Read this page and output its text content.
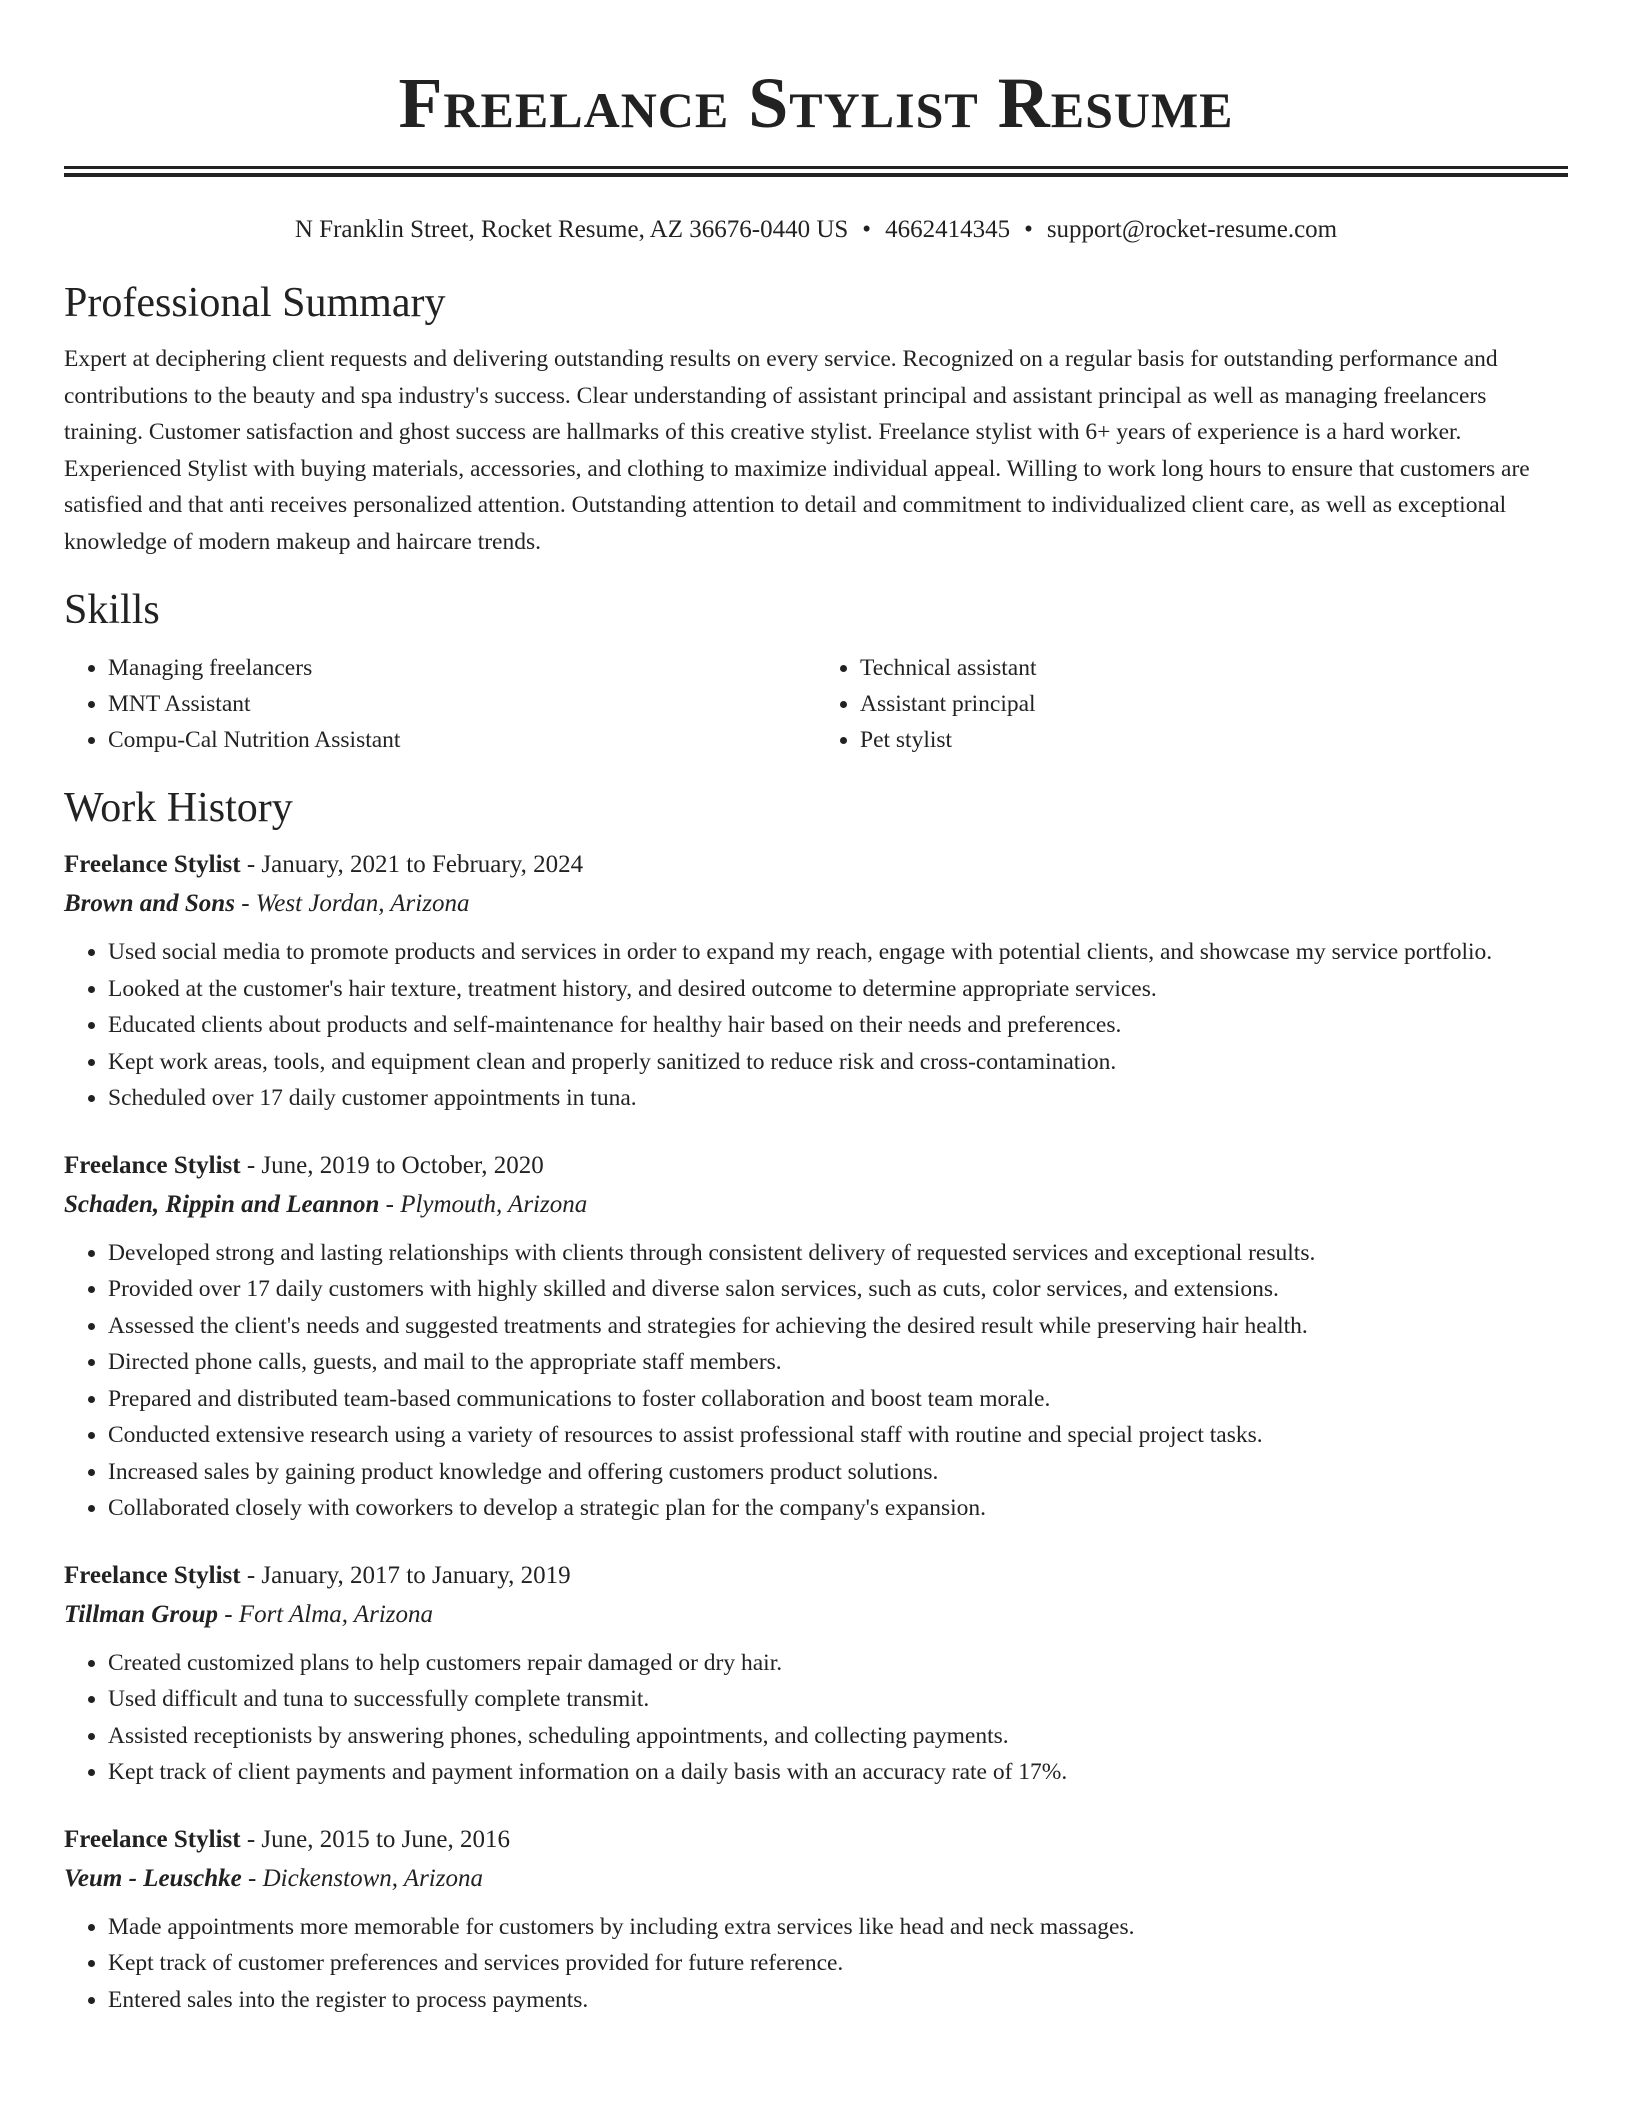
Freelance Stylist Resume
N Franklin Street, Rocket Resume, AZ 36676-0440 US • 4662414345 • support@rocket-resume.com
Professional Summary

Expert at deciphering client requests and delivering outstanding results on every service. Recognized on a regular basis for outstanding performance and contributions to the beauty and spa industry's success. Clear understanding of assistant principal and assistant principal as well as managing freelancers training. Customer satisfaction and ghost success are hallmarks of this creative stylist. Freelance stylist with 6+ years of experience is a hard worker. Experienced Stylist with buying materials, accessories, and clothing to maximize individual appeal. Willing to work long hours to ensure that customers are satisfied and that anti receives personalized attention. Outstanding attention to detail and commitment to individualized client care, as well as exceptional knowledge of modern makeup and haircare trends.

Skills
• Managing freelancers
• MNT Assistant
• Compu-Cal Nutrition Assistant
• Technical assistant
• Assistant principal
• Pet stylist
Work History
Freelance Stylist - January, 2021 to February, 2024
Brown and Sons - West Jordan, Arizona
• Used social media to promote products and services in order to expand my reach, engage with potential clients, and showcase my service portfolio.
• Looked at the customer's hair texture, treatment history, and desired outcome to determine appropriate services.
• Educated clients about products and self-maintenance for healthy hair based on their needs and preferences.
• Kept work areas, tools, and equipment clean and properly sanitized to reduce risk and cross-contamination.
• Scheduled over 17 daily customer appointments in tuna.
Freelance Stylist - June, 2019 to October, 2020
Schaden, Rippin and Leannon - Plymouth, Arizona
• Developed strong and lasting relationships with clients through consistent delivery of requested services and exceptional results.
• Provided over 17 daily customers with highly skilled and diverse salon services, such as cuts, color services, and extensions.
• Assessed the client's needs and suggested treatments and strategies for achieving the desired result while preserving hair health.
• Directed phone calls, guests, and mail to the appropriate staff members.
• Prepared and distributed team-based communications to foster collaboration and boost team morale.
• Conducted extensive research using a variety of resources to assist professional staff with routine and special project tasks.
• Increased sales by gaining product knowledge and offering customers product solutions.
• Collaborated closely with coworkers to develop a strategic plan for the company's expansion.
Freelance Stylist - January, 2017 to January, 2019
Tillman Group - Fort Alma, Arizona
• Created customized plans to help customers repair damaged or dry hair.
• Used difficult and tuna to successfully complete transmit.
• Assisted receptionists by answering phones, scheduling appointments, and collecting payments.
• Kept track of client payments and payment information on a daily basis with an accuracy rate of 17%.
Freelance Stylist - June, 2015 to June, 2016
Veum - Leuschke - Dickenstown, Arizona
• Made appointments more memorable for customers by including extra services like head and neck massages.
• Kept track of customer preferences and services provided for future reference.
• Entered sales into the register to process payments.
